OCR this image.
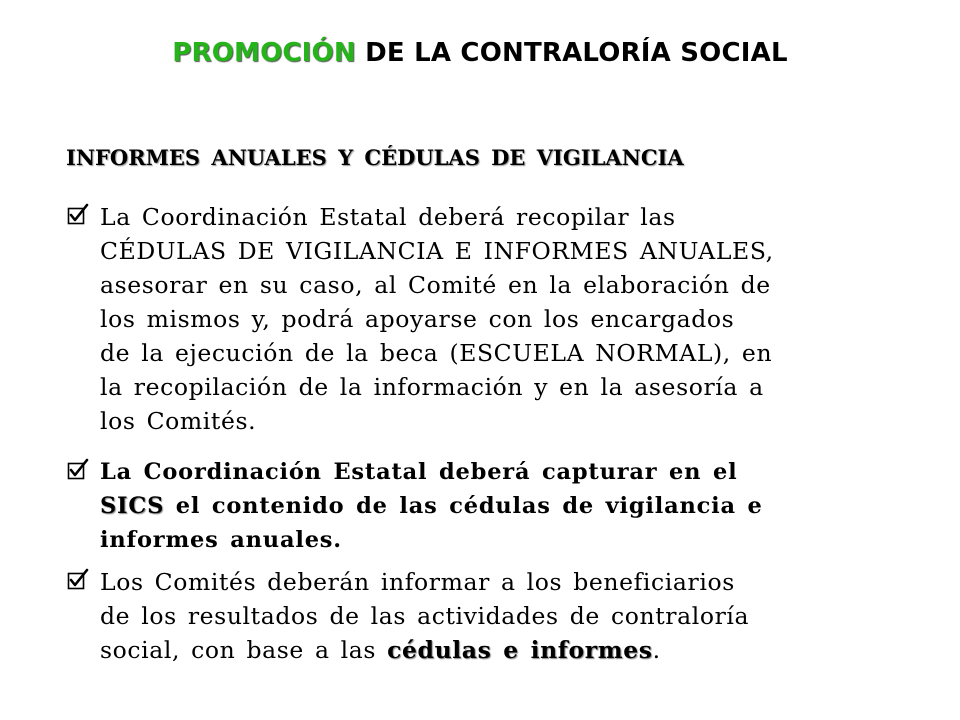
PROMOCIÓN DE LA CONTRALORÍA SOCIAL
INFORMES ANUALES Y CÉDULAS DE VIGILANCIA
La Coordinación Estatal deberá recopilar las
CÉDULAS DE VIGILANCIA E INFORMES ANUALES,
asesorar en su caso, al Comité en la elaboración de
los mismos y, podrá apoyarse con los encargados
de la ejecución de la beca (ESCUELA NORMAL), en
la recopilación de la información y en la asesoría a
los Comités.
La Coordinación Estatal deberá capturar en el
SICS el contenido de las cédulas de vigilancia e
informes anuales.
Los Comités deberán informar a los beneficiarios
de los resultados de las actividades de contraloría
social, con base a las cédulas e informes.
